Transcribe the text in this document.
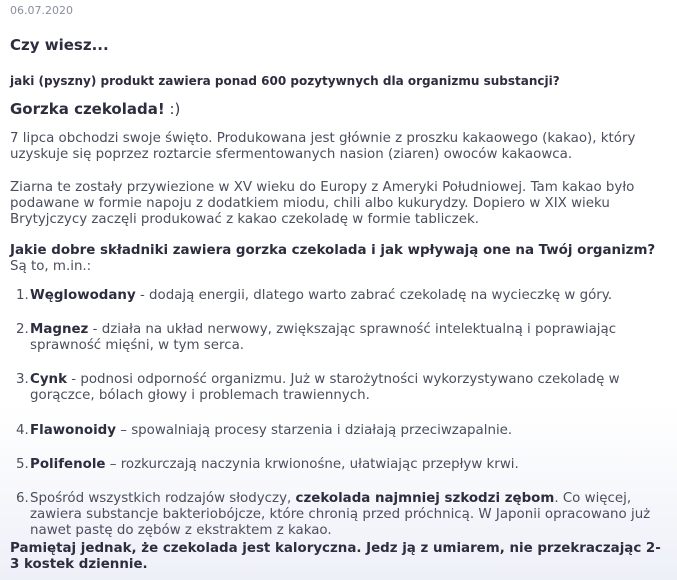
06.07.2020
Czy wiesz...
jaki (pyszny) produkt zawiera ponad 600 pozytywnych dla organizmu substancji?
Gorzka czekolada! :)

7 lipca obchodzi swoje święto. Produkowana jest głównie z proszku kakaowego (kakao), który uzyskuje się poprzez roztarcie sfermentowanych nasion (ziaren) owoców kakaowca.

Ziarna te zostały przywiezione w XV wieku do Europy z Ameryki Południowej. Tam kakao było podawane w formie napoju z dodatkiem miodu, chili albo kukurydzy. Dopiero w XIX wieku Brytyjczycy zaczęli produkować z kakao czekoladę w formie tabliczek.

Jakie dobre składniki zawiera gorzka czekolada i jak wpływają one na Twój organizm? Są to, m.in.:

1. Węglowodany - dodają energii, dlatego warto zabrać czekoladę na wycieczkę w góry.
2. Magnez - działa na układ nerwowy, zwiększając sprawność intelektualną i poprawiając sprawność mięśni, w tym serca.
3. Cynk - podnosi odporność organizmu. Już w starożytności wykorzystywano czekoladę w gorączce, bólach głowy i problemach trawiennych.
4. Flawonoidy – spowalniają procesy starzenia i działają przeciwzapalnie.
5. Polifenole – rozkurczają naczynia krwionośne, ułatwiając przepływ krwi.
6. Spośród wszystkich rodzajów słodyczy, czekolada najmniej szkodzi zębom. Co więcej, zawiera substancje bakteriobójcze, które chronią przed próchnicą. W Japonii opracowano już nawet pastę do zębów z ekstraktem z kakao.

Pamiętaj jednak, że czekolada jest kaloryczna. Jedz ją z umiarem, nie przekraczając 2-3 kostek dziennie.
